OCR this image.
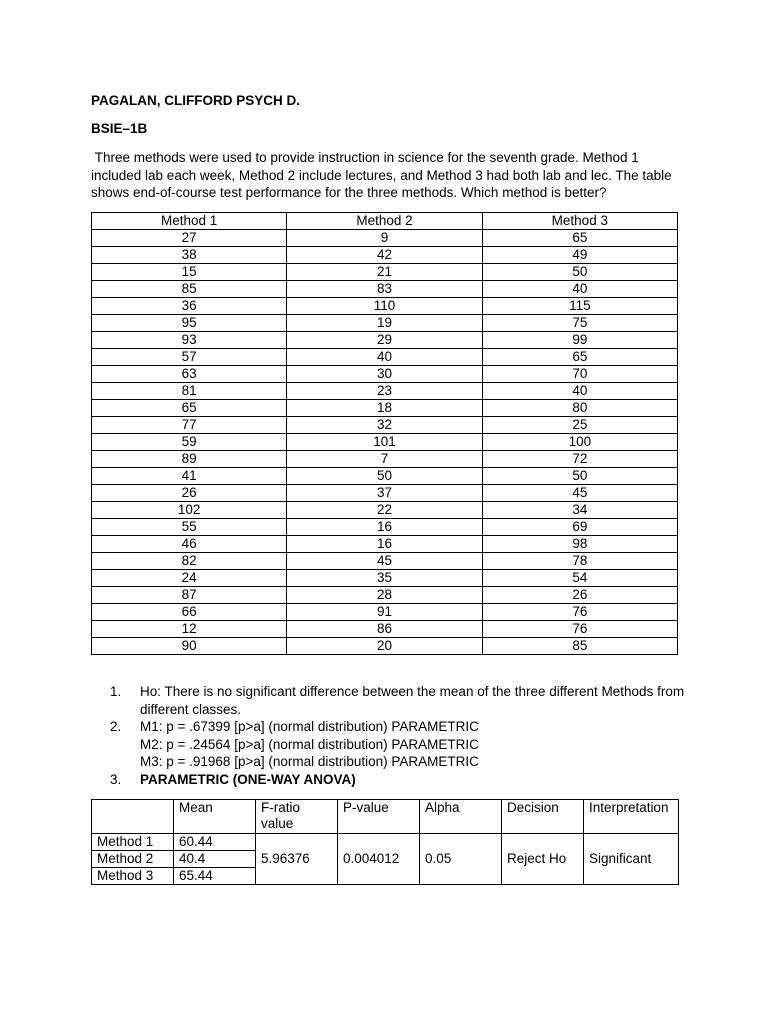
PAGALAN, CLIFFORD PSYCH D.
BSIE–1B
Three methods were used to provide instruction in science for the seventh grade. Method 1 included lab each week, Method 2 include lectures, and Method 3 had both lab and lec. The table shows end-of-course test performance for the three methods. Which method is better?
Method 1	Method 2	Method 3
27	9	65
38	42	49
15	21	50
85	83	40
36	110	115
95	19	75
93	29	99
57	40	65
63	30	70
81	23	40
65	18	80
77	32	25
59	101	100
89	7	72
41	50	50
26	37	45
102	22	34
55	16	69
46	16	98
82	45	78
24	35	54
87	28	26
66	91	76
12	86	76
90	20	85
1.	Ho: There is no significant difference between the mean of the three different Methods from different classes.
2.	M1: p = .67399 [p>a] (normal distribution) PARAMETRIC
M2: p = .24564 [p>a] (normal distribution) PARAMETRIC
M3: p = .91968 [p>a] (normal distribution) PARAMETRIC
3.	PARAMETRIC (ONE-WAY ANOVA)
	Mean	F-ratio value	P-value	Alpha	Decision	Interpretation
Method 1	60.44	5.96376	0.004012	0.05	Reject Ho	Significant
Method 2	40.4					
Method 3	65.44					
